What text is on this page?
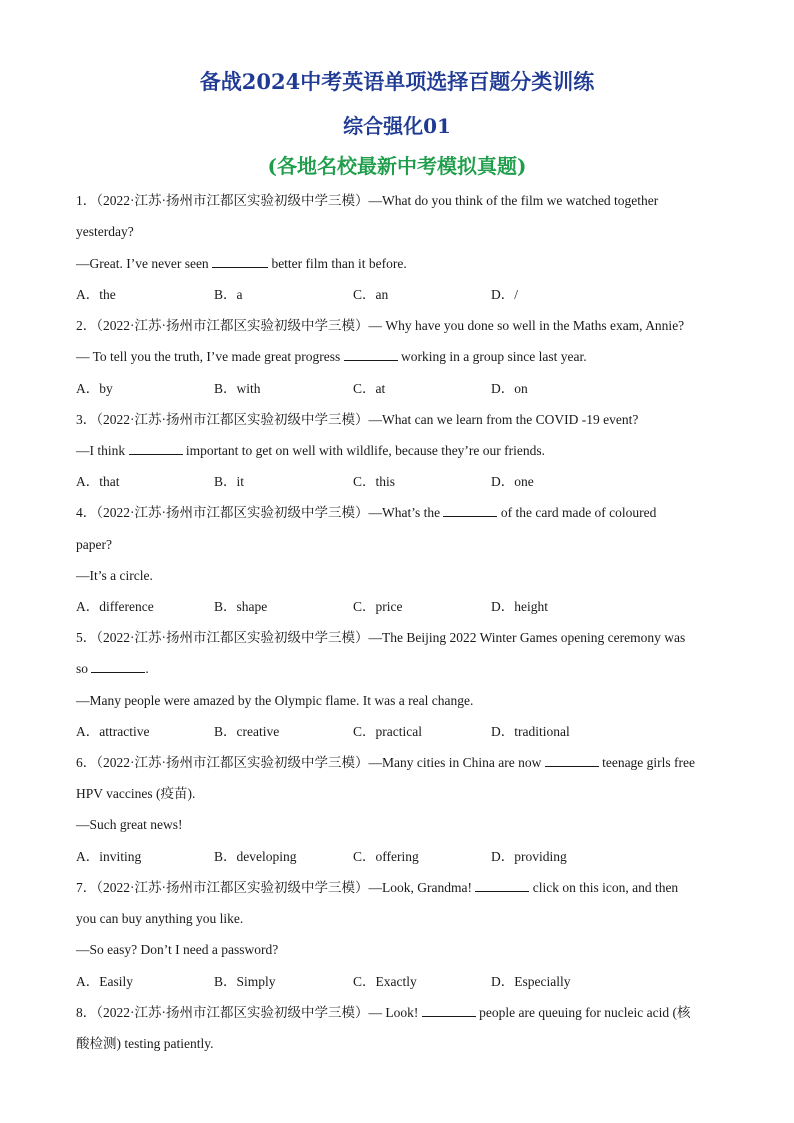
备战2024中考英语单项选择百题分类训练
综合强化01
(各地名校最新中考模拟真题)
1．（2022·江苏·扬州市江都区实验初级中学三模）—What do you think of the film we watched together
yesterday?
—Great. I’ve never seen	better film than it before.
A．the	B．a	C．an	D．/
2．（2022·江苏·扬州市江都区实验初级中学三模）— Why have you done so well in the Maths exam, Annie?
— To tell you the truth, I’ve made great progress	working in a group since last year.
A．by	B．with	C．at	D．on
3．（2022·江苏·扬州市江都区实验初级中学三模）—What can we learn from the COVID -19 event?
—I think	important to get on well with wildlife, because they’re our friends.
A．that	B．it	C．this	D．one
4．（2022·江苏·扬州市江都区实验初级中学三模）—What’s the	of the card made of coloured
paper?
—It’s a circle.
A．difference	B．shape	C．price	D．height
5．（2022·江苏·扬州市江都区实验初级中学三模）—The Beijing 2022 Winter Games opening ceremony was
so	.
—Many people were amazed by the Olympic flame. It was a real change.
A．attractive	B．creative	C．practical	D．traditional
6．（2022·江苏·扬州市江都区实验初级中学三模）—Many cities in China are now	teenage girls free
HPV vaccines (疫苗).
—Such great news!
A．inviting	B．developing	C．offering	D．providing
7．（2022·江苏·扬州市江都区实验初级中学三模）—Look, Grandma!	click on this icon, and then
you can buy anything you like.
—So easy? Don’t I need a password?
A．Easily	B．Simply	C．Exactly	D．Especially
8．（2022·江苏·扬州市江都区实验初级中学三模）— Look!	people are queuing for nucleic acid (核
酸检测) testing patiently.
